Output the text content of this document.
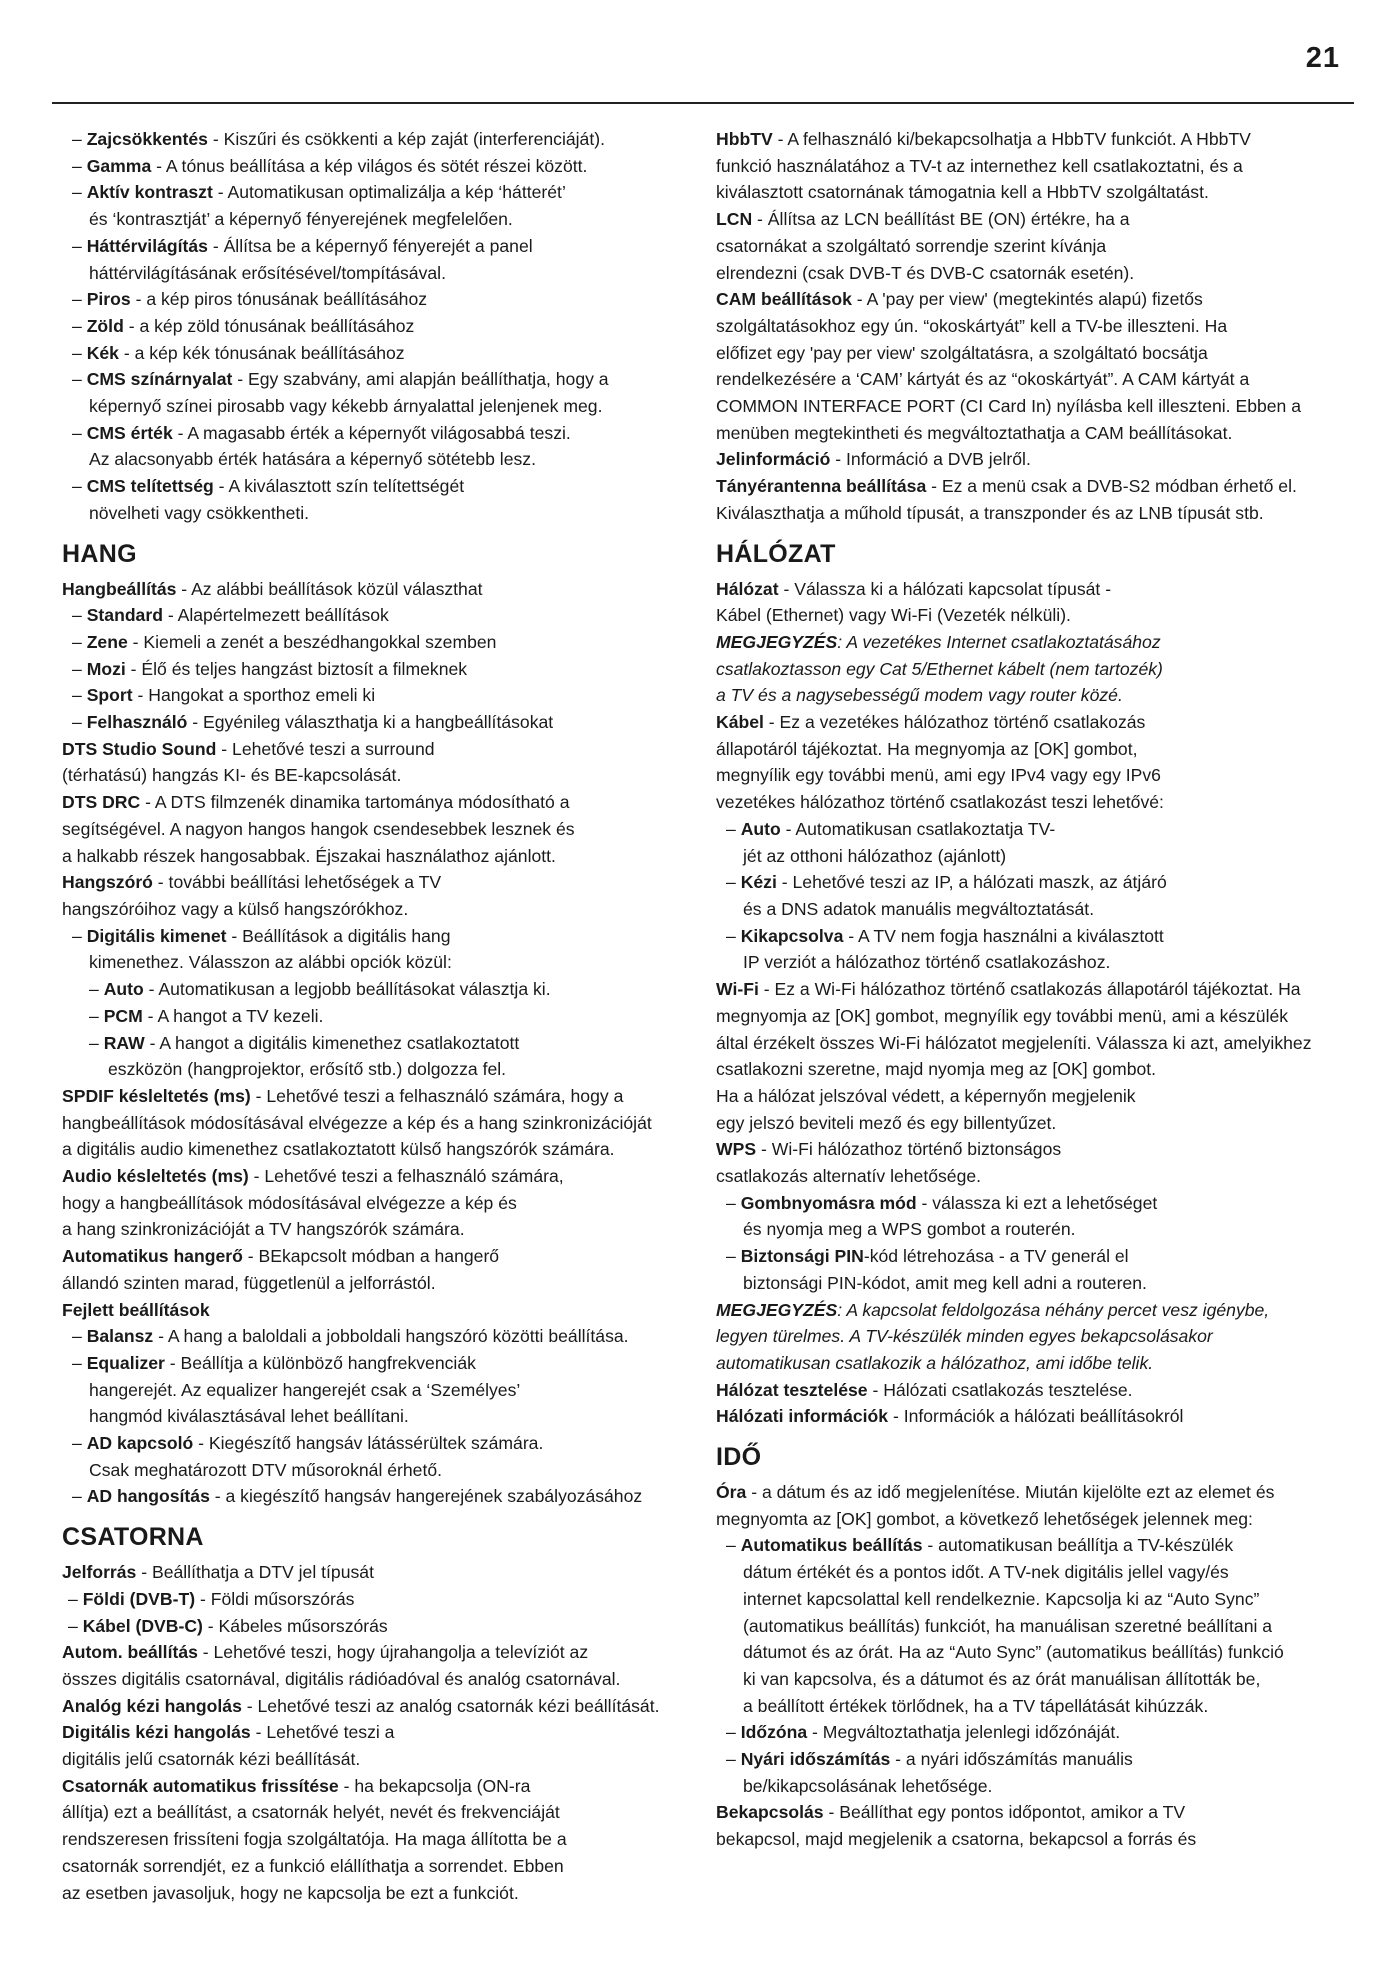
21
– Zajcsökkentés - Kiszűri és csökkenti a kép zaját (interferenciáját).
– Gamma - A tónus beállítása a kép világos és sötét részei között.
– Aktív kontraszt - Automatikusan optimalizálja a kép ‘hátterét’
és ‘kontrasztját’ a képernyő fényerejének megfelelően.
– Háttérvilágítás - Állítsa be a képernyő fényerejét a panel
háttérvilágításának erősítésével/tompításával.
– Piros - a kép piros tónusának beállításához
– Zöld - a kép zöld tónusának beállításához
– Kék - a kép kék tónusának beállításához
– CMS színárnyalat - Egy szabvány, ami alapján beállíthatja, hogy a
képernyő színei pirosabb vagy kékebb árnyalattal jelenjenek meg.
– CMS érték - A magasabb érték a képernyőt világosabbá teszi.
Az alacsonyabb érték hatására a képernyő sötétebb lesz.
– CMS telítettség - A kiválasztott szín telítettségét
növelheti vagy csökkentheti.
HANG
Hangbeállítás - Az alábbi beállítások közül választhat
– Standard - Alapértelmezett beállítások
– Zene - Kiemeli a zenét a beszédhangokkal szemben
– Mozi - Élő és teljes hangzást biztosít a filmeknek
– Sport - Hangokat a sporthoz emeli ki
– Felhasználó - Egyénileg választhatja ki a hangbeállításokat
DTS Studio Sound - Lehetővé teszi a surround
(térhatású) hangzás KI- és BE-kapcsolását.
DTS DRC - A DTS filmzenék dinamika tartománya módosítható a
segítségével. A nagyon hangos hangok csendesebbek lesznek és
a halkabb részek hangosabbak. Éjszakai használathoz ajánlott.
Hangszóró - további beállítási lehetőségek a TV
hangszóróihoz vagy a külső hangszórókhoz.
– Digitális kimenet - Beállítások a digitális hang
kimenethez. Válasszon az alábbi opciók közül:
– Auto - Automatikusan a legjobb beállításokat választja ki.
– PCM - A hangot a TV kezeli.
– RAW - A hangot a digitális kimenethez csatlakoztatott
eszközön (hangprojektor, erősítő stb.) dolgozza fel.
SPDIF késleltetés (ms) - Lehetővé teszi a felhasználó számára, hogy a
hangbeállítások módosításával elvégezze a kép és a hang szinkronizációját
a digitális audio kimenethez csatlakoztatott külső hangszórók számára.
Audio késleltetés (ms) - Lehetővé teszi a felhasználó számára,
hogy a hangbeállítások módosításával elvégezze a kép és
a hang szinkronizációját a TV hangszórók számára.
Automatikus hangerő - BEkapcsolt módban a hangerő
állandó szinten marad, függetlenül a jelforrástól.
Fejlett beállítások
– Balansz - A hang a baloldali a jobboldali hangszóró közötti beállítása.
– Equalizer - Beállítja a különböző hangfrekvenciák
hangerejét. Az equalizer hangerejét csak a ‘Személyes’
hangmód kiválasztásával lehet beállítani.
– AD kapcsoló - Kiegészítő hangsáv látássérültek számára.
Csak meghatározott DTV műsoroknál érhető.
– AD hangosítás - a kiegészítő hangsáv hangerejének szabályozásához
CSATORNA
Jelforrás - Beállíthatja a DTV jel típusát
– Földi (DVB-T) - Földi műsorszórás
– Kábel (DVB-C) - Kábeles műsorszórás
Autom. beállítás - Lehetővé teszi, hogy újrahangolja a televíziót az
összes digitális csatornával, digitális rádióadóval és analóg csatornával.
Analóg kézi hangolás - Lehetővé teszi az analóg csatornák kézi beállítását.
Digitális kézi hangolás - Lehetővé teszi a
digitális jelű csatornák kézi beállítását.
Csatornák automatikus frissítése - ha bekapcsolja (ON-ra
állítja) ezt a beállítást, a csatornák helyét, nevét és frekvenciáját
rendszeresen frissíteni fogja szolgáltatója. Ha maga állította be a
csatornák sorrendjét, ez a funkció elállíthatja a sorrendet. Ebben
az esetben javasoljuk, hogy ne kapcsolja be ezt a funkciót.
HbbTV - A felhasználó ki/bekapcsolhatja a HbbTV funkciót. A HbbTV
funkció használatához a TV-t az internethez kell csatlakoztatni, és a
kiválasztott csatornának támogatnia kell a HbbTV szolgáltatást.
LCN - Állítsa az LCN beállítást BE (ON) értékre, ha a
csatornákat a szolgáltató sorrendje szerint kívánja
elrendezni (csak DVB-T és DVB-C csatornák esetén).
CAM beállítások - A 'pay per view' (megtekintés alapú) fizetős
szolgáltatásokhoz egy ún. “okoskártyát” kell a TV-be illeszteni. Ha
előfizet egy 'pay per view' szolgáltatásra, a szolgáltató bocsátja
rendelkezésére a ‘CAM’ kártyát és az “okoskártyát”. A CAM kártyát a
COMMON INTERFACE PORT (CI Card In) nyílásba kell illeszteni. Ebben a
menüben megtekintheti és megváltoztathatja a CAM beállításokat.
Jelinformáció - Információ a DVB jelről.
Tányérantenna beállítása - Ez a menü csak a DVB-S2 módban érhető el.
Kiválaszthatja a műhold típusát, a transzponder és az LNB típusát stb.
HÁLÓZAT
Hálózat - Válassza ki a hálózati kapcsolat típusát -
Kábel (Ethernet) vagy Wi-Fi (Vezeték nélküli).
MEGJEGYZÉS: A vezetékes Internet csatlakoztatásához
csatlakoztasson egy Cat 5/Ethernet kábelt (nem tartozék)
a TV és a nagysebességű modem vagy router közé.
Kábel - Ez a vezetékes hálózathoz történő csatlakozás
állapotáról tájékoztat. Ha megnyomja az [OK] gombot,
megnyílik egy további menü, ami egy IPv4 vagy egy IPv6
vezetékes hálózathoz történő csatlakozást teszi lehetővé:
– Auto - Automatikusan csatlakoztatja TV-
jét az otthoni hálózathoz (ajánlott)
– Kézi - Lehetővé teszi az IP, a hálózati maszk, az átjáró
és a DNS adatok manuális megváltoztatását.
– Kikapcsolva - A TV nem fogja használni a kiválasztott
IP verziót a hálózathoz történő csatlakozáshoz.
Wi-Fi - Ez a Wi-Fi hálózathoz történő csatlakozás állapotáról tájékoztat. Ha
megnyomja az [OK] gombot, megnyílik egy további menü, ami a készülék
által érzékelt összes Wi-Fi hálózatot megjeleníti. Válassza ki azt, amelyikhez
csatlakozni szeretne, majd nyomja meg az [OK] gombot.
Ha a hálózat jelszóval védett, a képernyőn megjelenik
egy jelszó beviteli mező és egy billentyűzet.
WPS - Wi-Fi hálózathoz történő biztonságos
csatlakozás alternatív lehetősége.
– Gombnyomásra mód - válassza ki ezt a lehetőséget
és nyomja meg a WPS gombot a routerén.
– Biztonsági PIN-kód létrehozása - a TV generál el
biztonsági PIN-kódot, amit meg kell adni a routeren.
MEGJEGYZÉS: A kapcsolat feldolgozása néhány percet vesz igénybe,
legyen türelmes. A TV-készülék minden egyes bekapcsolásakor
automatikusan csatlakozik a hálózathoz, ami időbe telik.
Hálózat tesztelése - Hálózati csatlakozás tesztelése.
Hálózati információk - Információk a hálózati beállításokról
IDŐ
Óra - a dátum és az idő megjelenítése. Miután kijelölte ezt az elemet és
megnyomta az [OK] gombot, a következő lehetőségek jelennek meg:
– Automatikus beállítás - automatikusan beállítja a TV-készülék
dátum értékét és a pontos időt. A TV-nek digitális jellel vagy/és
internet kapcsolattal kell rendelkeznie. Kapcsolja ki az “Auto Sync”
(automatikus beállítás) funkciót, ha manuálisan szeretné beállítani a
dátumot és az órát. Ha az “Auto Sync” (automatikus beállítás) funkció
ki van kapcsolva, és a dátumot és az órát manuálisan állították be,
a beállított értékek törlődnek, ha a TV tápellátását kihúzzák.
– Időzóna - Megváltoztathatja jelenlegi időzónáját.
– Nyári időszámítás - a nyári időszámítás manuális
be/kikapcsolásának lehetősége.
Bekapcsolás - Beállíthat egy pontos időpontot, amikor a TV
bekapcsol, majd megjelenik a csatorna, bekapcsol a forrás és
